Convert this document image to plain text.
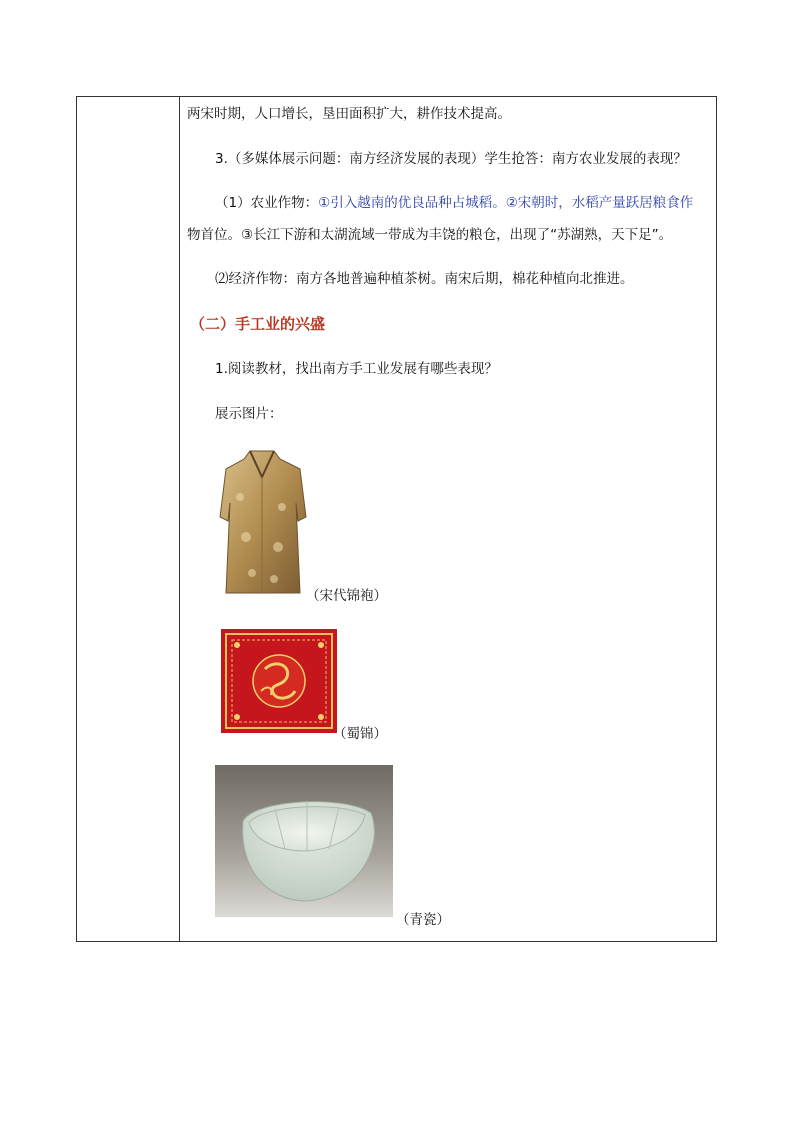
两宋时期，人口增长，垦田面积扩大，耕作技术提高。
3.（多媒体展示问题：南方经济发展的表现）学生抢答：南方农业发展的表现？
（1）农业作物：①引入越南的优良品种占城稻。②宋朝时，水稻产量跃居粮食作
物首位。③长江下游和太湖流域一带成为丰饶的粮仓，出现了“苏湖熟，天下足”。
⑵经济作物：南方各地普遍种植茶树。南宋后期，棉花种植向北推进。
（二）手工业的兴盛
1.阅读教材，找出南方手工业发展有哪些表现？
展示图片：
（宋代锦袍）
（蜀锦）
（青瓷）
